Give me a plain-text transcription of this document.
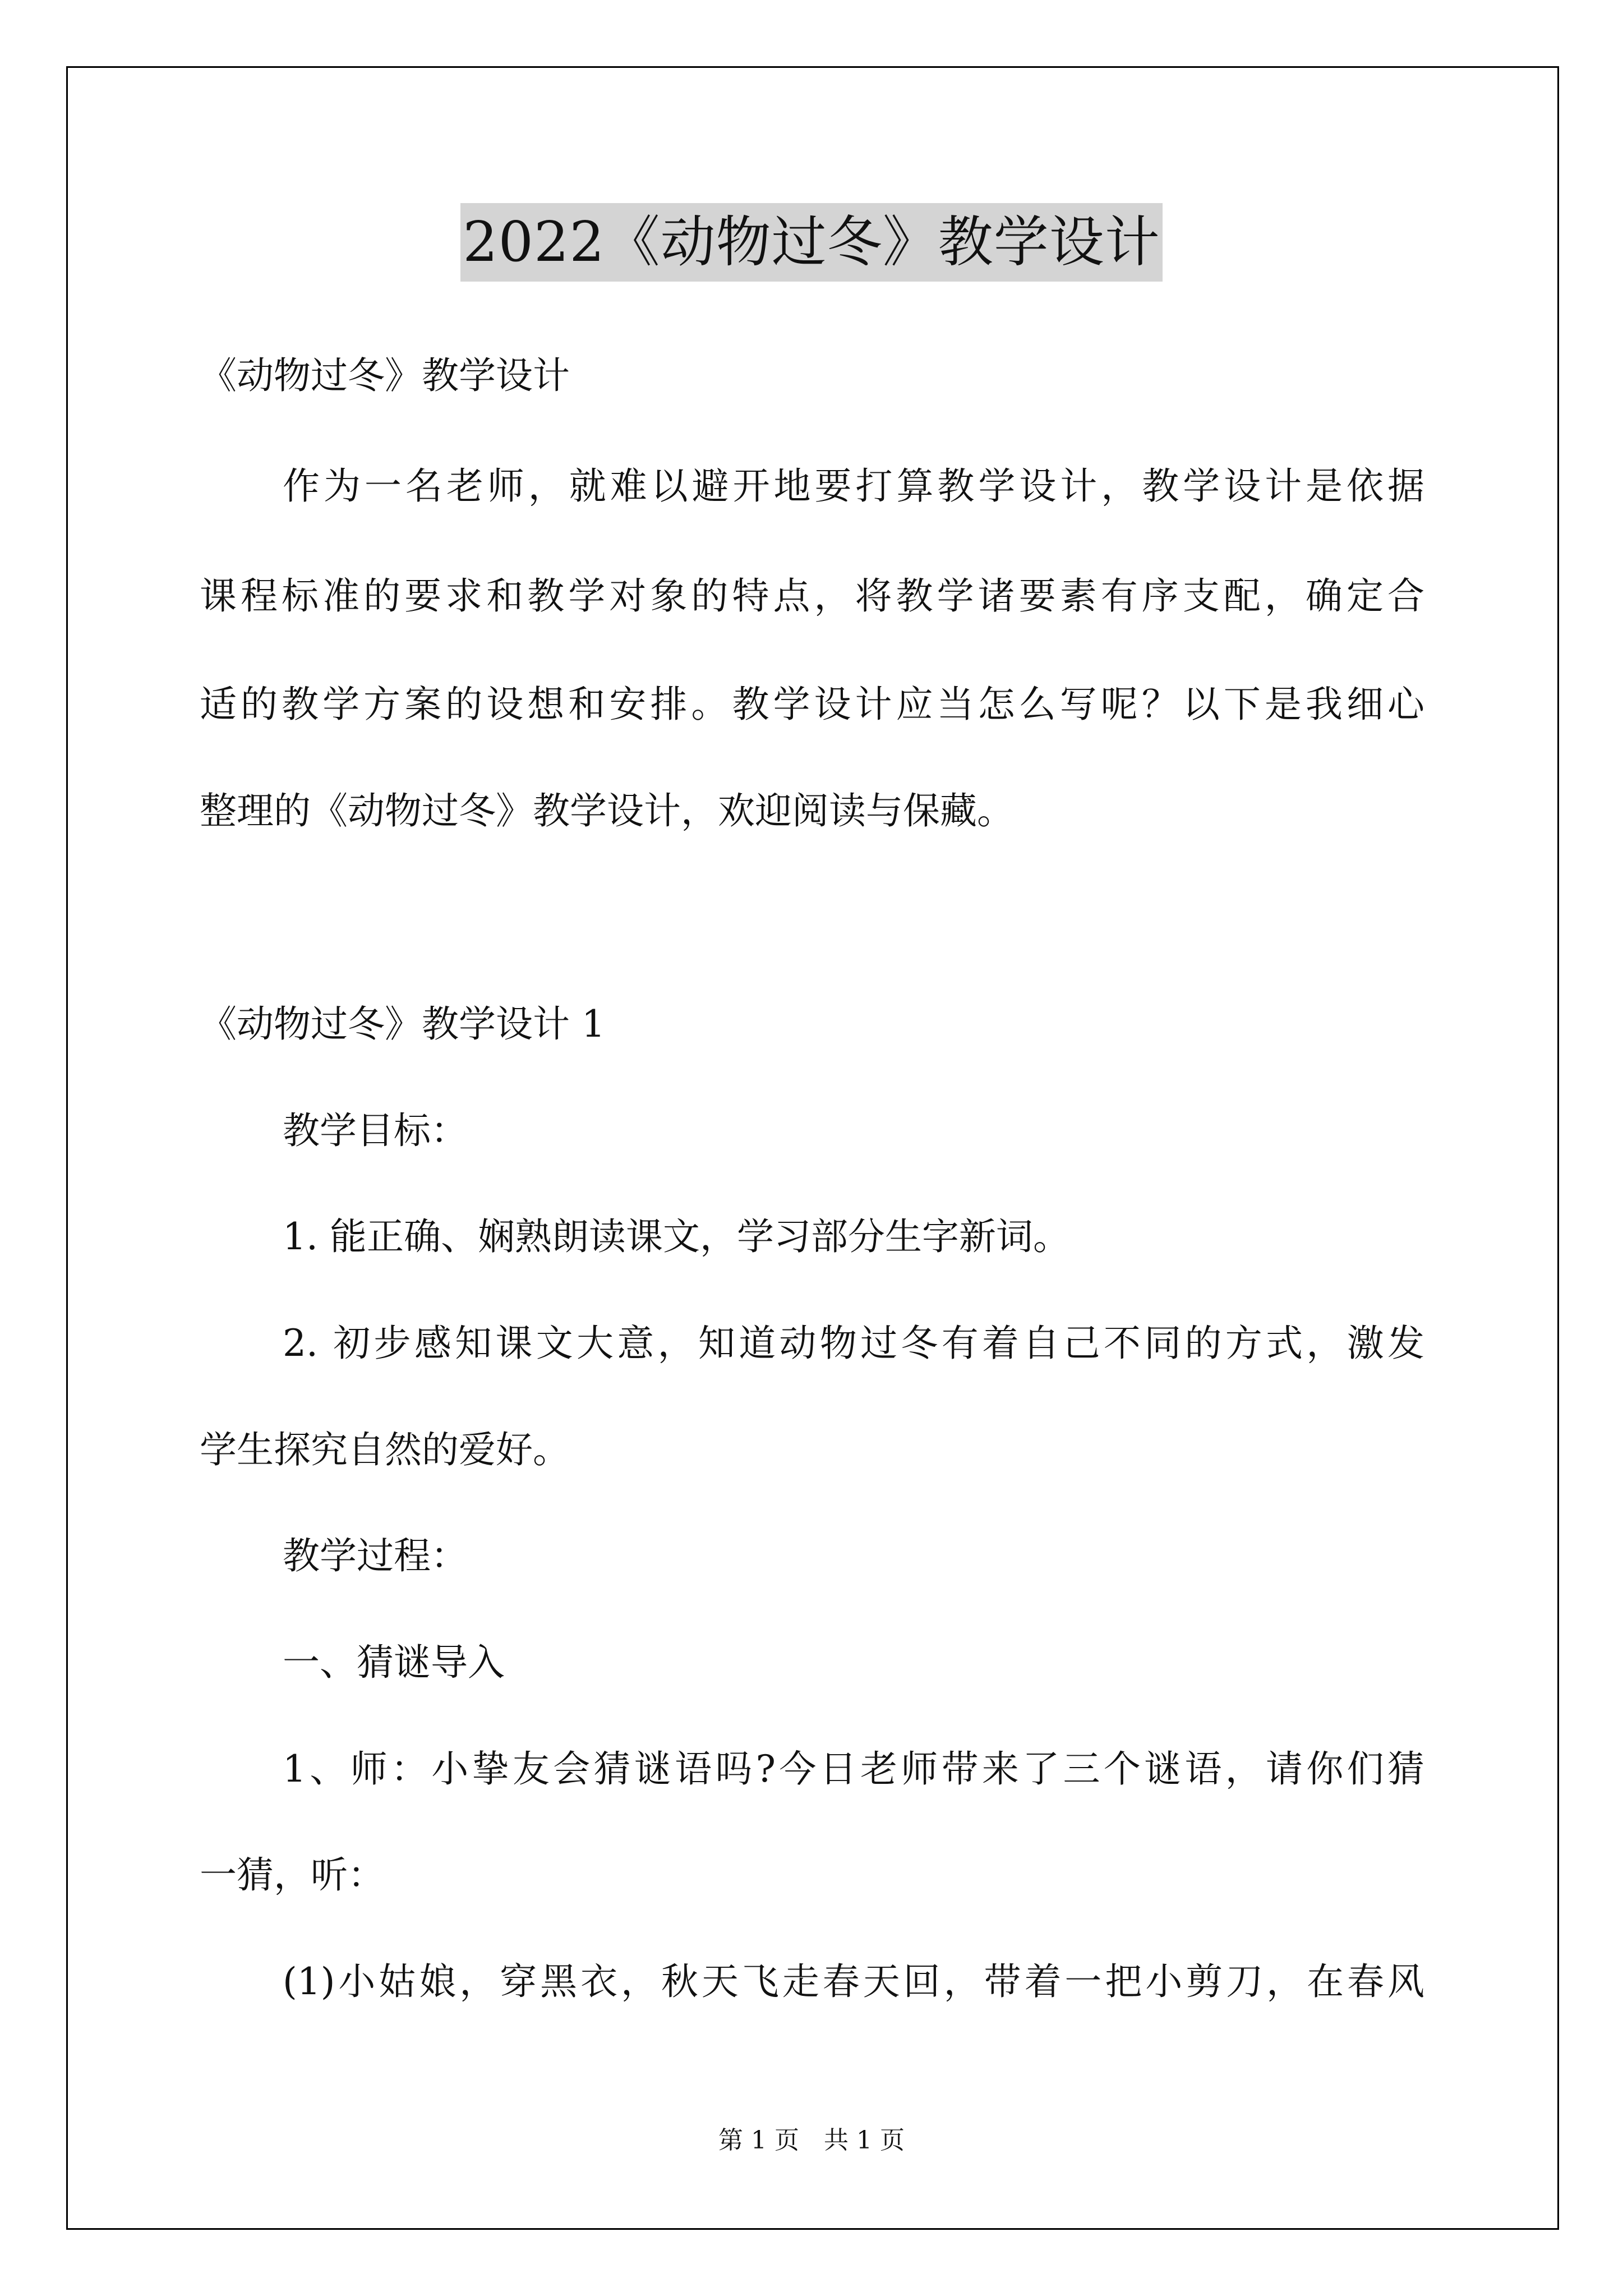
2022《动物过冬》教学设计
《动物过冬》教学设计
作为一名老师，就难以避开地要打算教学设计，教学设计是依据
课程标准的要求和教学对象的特点，将教学诸要素有序支配，确定合
适的教学方案的设想和安排。教学设计应当怎么写呢？以下是我细心
整理的《动物过冬》教学设计，欢迎阅读与保藏。
《动物过冬》教学设计 1
教学目标：
1. 能正确、娴熟朗读课文，学习部分生字新词。
2. 初步感知课文大意，知道动物过冬有着自己不同的方式，激发
学生探究自然的爱好。
教学过程：
一、猜谜导入
1、师：小挚友会猜谜语吗?今日老师带来了三个谜语，请你们猜
一猜，听：
(1)小姑娘，穿黑衣，秋天飞走春天回，带着一把小剪刀，在春风
第 1 页　共 1 页
